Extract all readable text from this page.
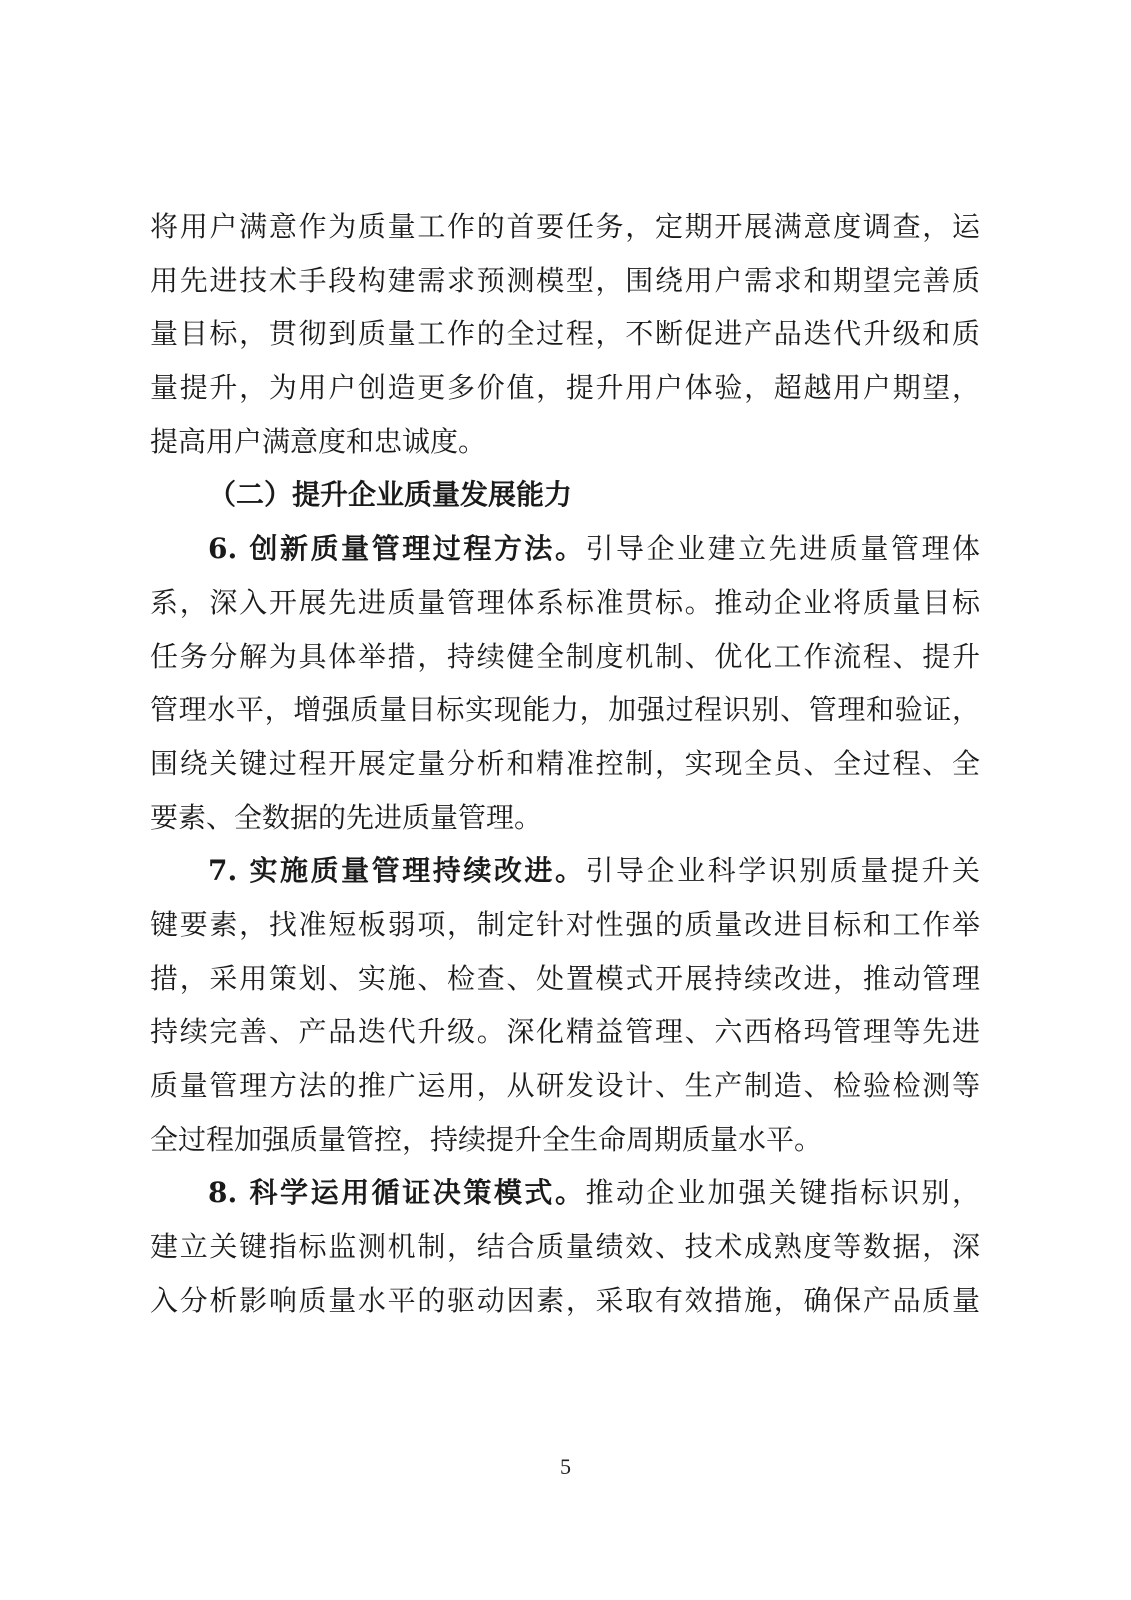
将用户满意作为质量工作的首要任务，定期开展满意度调查，运
用先进技术手段构建需求预测模型，围绕用户需求和期望完善质
量目标，贯彻到质量工作的全过程，不断促进产品迭代升级和质
量提升，为用户创造更多价值，提升用户体验，超越用户期望，
提高用户满意度和忠诚度。
（二）提升企业质量发展能力
6. 创新质量管理过程方法。引导企业建立先进质量管理体
系，深入开展先进质量管理体系标准贯标。推动企业将质量目标
任务分解为具体举措，持续健全制度机制、优化工作流程、提升
管理水平，增强质量目标实现能力，加强过程识别、管理和验证，
围绕关键过程开展定量分析和精准控制，实现全员、全过程、全
要素、全数据的先进质量管理。
7. 实施质量管理持续改进。引导企业科学识别质量提升关
键要素，找准短板弱项，制定针对性强的质量改进目标和工作举
措，采用策划、实施、检查、处置模式开展持续改进，推动管理
持续完善、产品迭代升级。深化精益管理、六西格玛管理等先进
质量管理方法的推广运用，从研发设计、生产制造、检验检测等
全过程加强质量管控，持续提升全生命周期质量水平。
8. 科学运用循证决策模式。推动企业加强关键指标识别，
建立关键指标监测机制，结合质量绩效、技术成熟度等数据，深
入分析影响质量水平的驱动因素，采取有效措施，确保产品质量
5
